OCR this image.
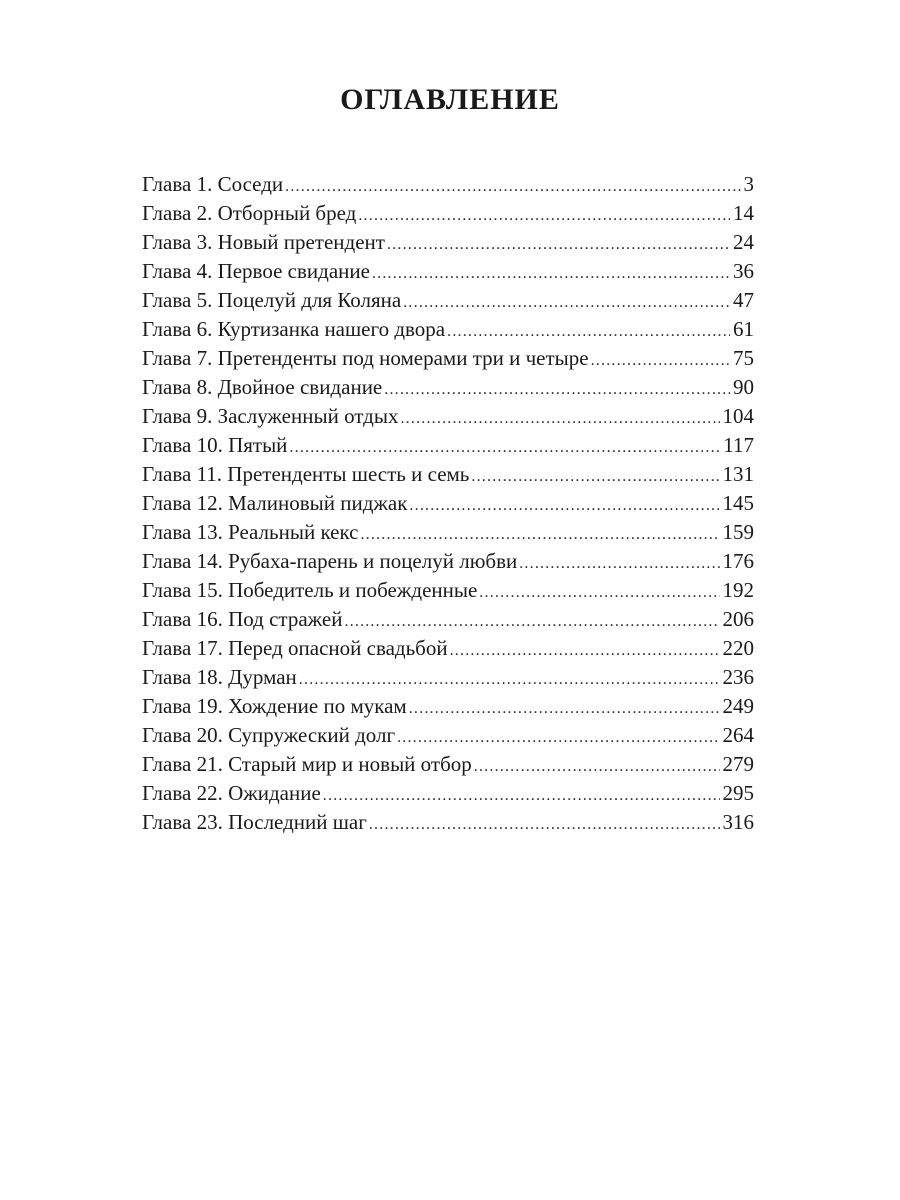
ОГЛАВЛЕНИЕ
Глава 1. Соседи .....	3
Глава 2. Отборный бред .....	14
Глава 3. Новый претендент .....	24
Глава 4. Первое свидание .....	36
Глава 5. Поцелуй для Коляна .....	47
Глава 6. Куртизанка нашего двора .....	61
Глава 7. Претенденты под номерами три и четыре .....	75
Глава 8. Двойное свидание .....	90
Глава 9. Заслуженный отдых .....	104
Глава 10. Пятый .....	117
Глава 11. Претенденты шесть и семь .....	131
Глава 12. Малиновый пиджак .....	145
Глава 13. Реальный кекс .....	159
Глава 14. Рубаха-парень и поцелуй любви .....	176
Глава 15. Победитель и побежденные .....	192
Глава 16. Под стражей .....	206
Глава 17. Перед опасной свадьбой .....	220
Глава 18. Дурман .....	236
Глава 19. Хождение по мукам .....	249
Глава 20. Супружеский долг .....	264
Глава 21. Старый мир и новый отбор .....	279
Глава 22. Ожидание .....	295
Глава 23. Последний шаг .....	316
